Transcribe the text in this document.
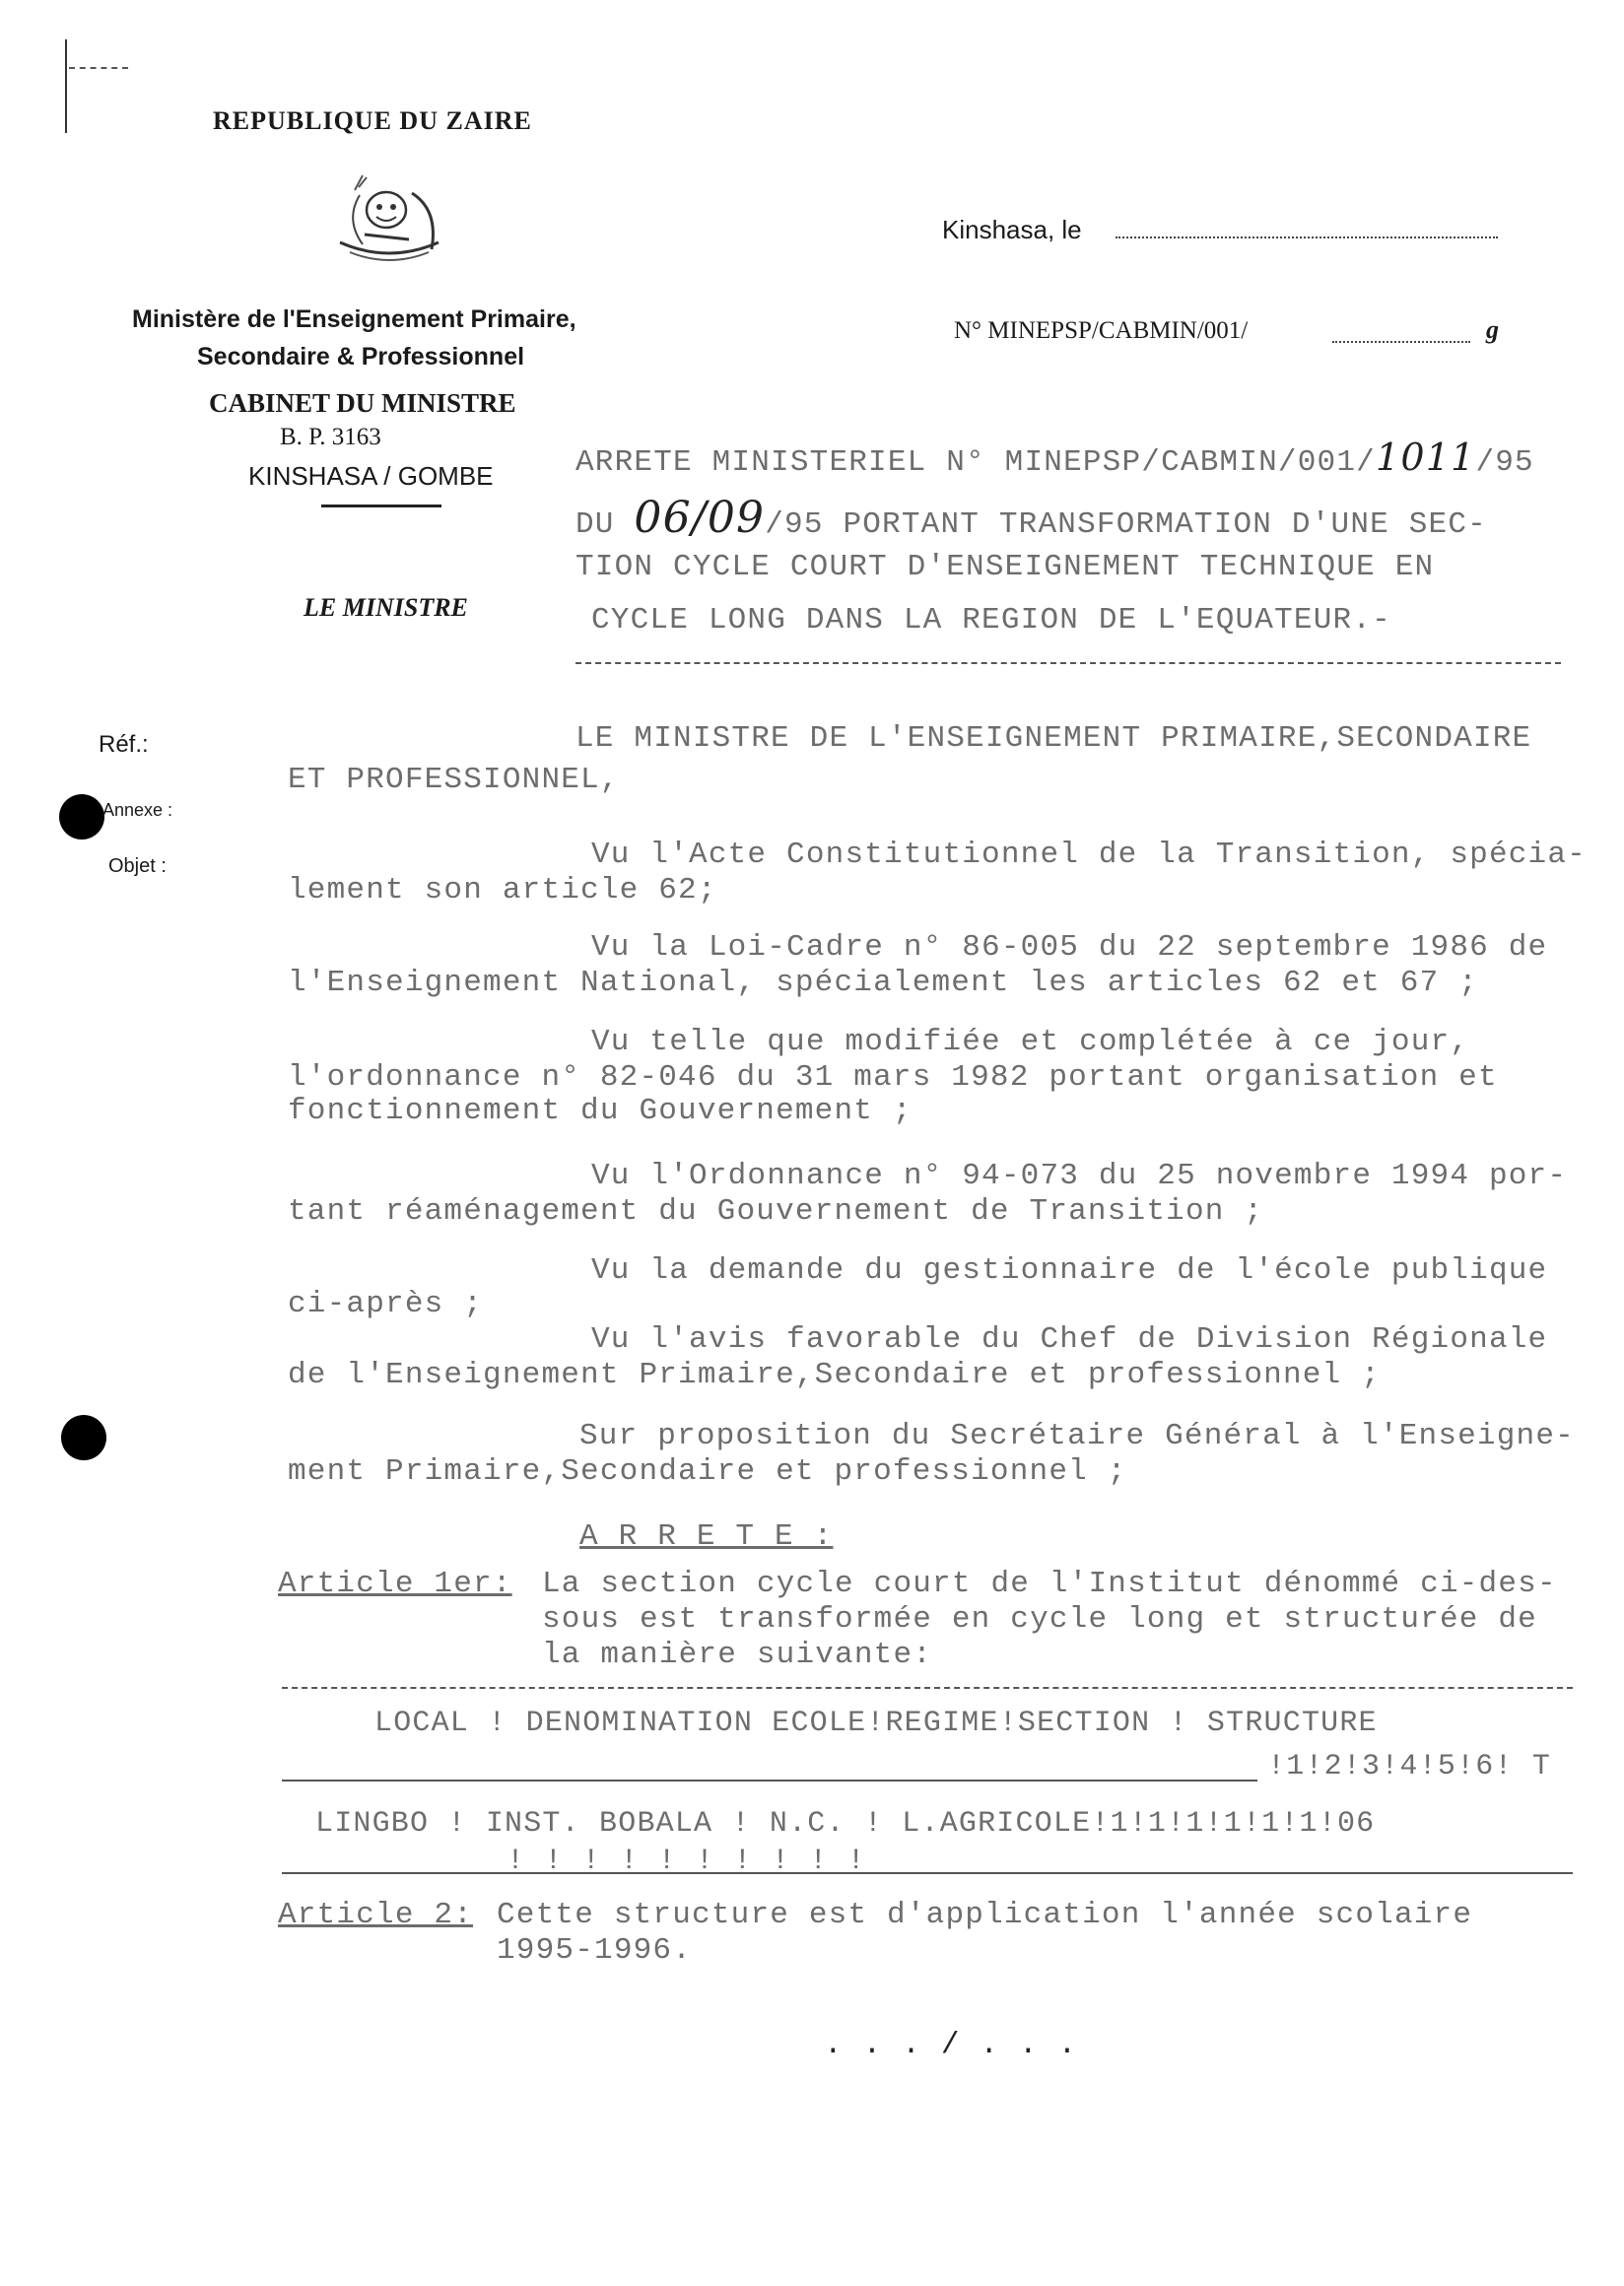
REPUBLIQUE DU ZAIRE
Ministère de l'Enseignement Primaire,
Secondaire & Professionnel
CABINET DU MINISTRE
B. P. 3163
KINSHASA / GOMBE
LE MINISTRE
Kinshasa, le
N° MINEPSP/CABMIN/001/	g
ARRETE MINISTERIEL N° MINEPSP/CABMIN/001/1011/95
DU 06/09/95 PORTANT TRANSFORMATION D'UNE SEC-
TION CYCLE COURT D'ENSEIGNEMENT TECHNIQUE EN
CYCLE LONG DANS LA REGION DE L'EQUATEUR.-
Réf.:
Annexe :
Objet :
LE MINISTRE DE L'ENSEIGNEMENT PRIMAIRE,SECONDAIRE
ET PROFESSIONNEL,
Vu l'Acte Constitutionnel de la Transition, spécia-
lement son article 62;
Vu la Loi-Cadre n° 86-005 du 22 septembre 1986 de
l'Enseignement National, spécialement les articles 62 et 67 ;
Vu telle que modifiée et complétée à ce jour,
l'ordonnance n° 82-046 du 31 mars 1982 portant organisation et
fonctionnement du Gouvernement ;
Vu l'Ordonnance n° 94-073 du 25 novembre 1994 por-
tant réaménagement du Gouvernement de Transition ;
Vu la demande du gestionnaire de l'école publique
ci-après ;
Vu l'avis favorable du Chef de Division Régionale
de l'Enseignement Primaire,Secondaire et professionnel ;
Sur proposition du Secrétaire Général à l'Enseigne-
ment Primaire,Secondaire et professionnel ;
A R R E T E :
Article 1er: La section cycle court de l'Institut dénommé ci-des-
sous est transformée en cycle long et structurée de
la manière suivante:
LOCAL ! DENOMINATION ECOLE!REGIME!SECTION ! STRUCTURE
!1!2!3!4!5!6! T
LINGBO ! INST. BOBALA ! N.C. ! L.AGRICOLE!1!1!1!1!1!1!06
! ! ! ! ! ! ! ! ! !
Article 2: Cette structure est d'application l'année scolaire
1995-1996.
. . . / . . .
